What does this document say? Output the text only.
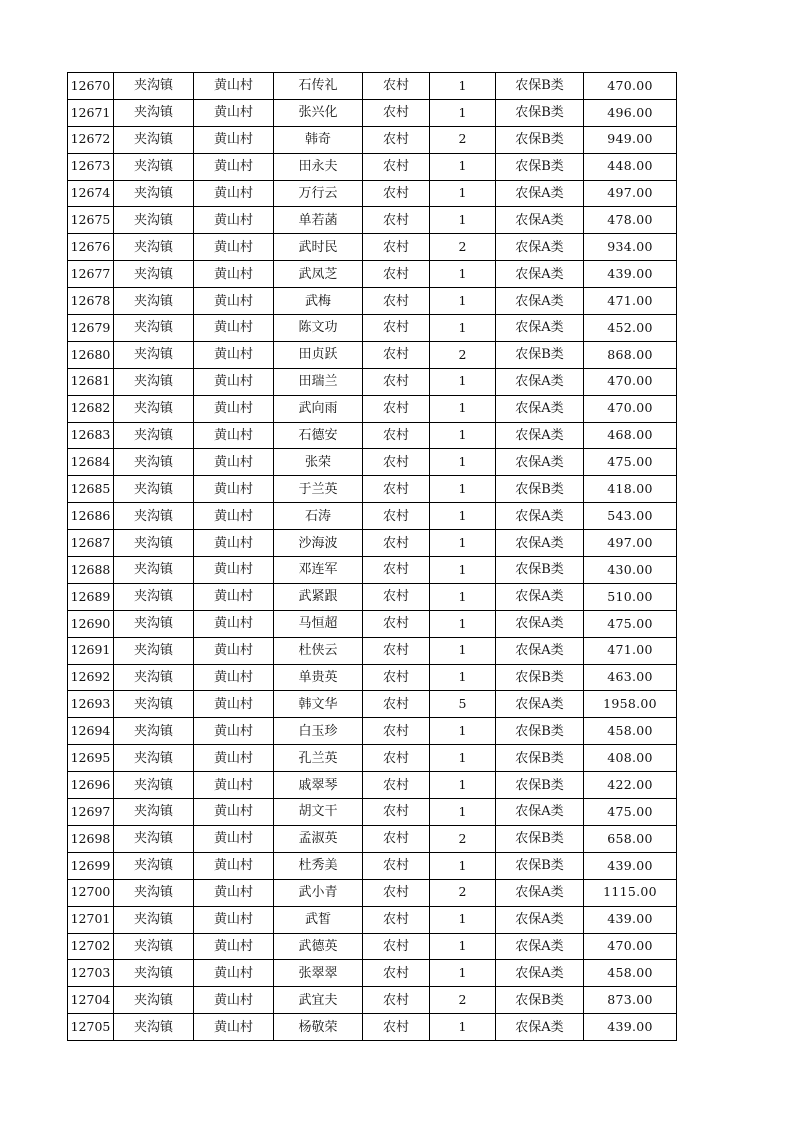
12670	夹沟镇	黄山村	石传礼	农村	1	农保B类	470.00
12671	夹沟镇	黄山村	张兴化	农村	1	农保B类	496.00
12672	夹沟镇	黄山村	韩奇	农村	2	农保B类	949.00
12673	夹沟镇	黄山村	田永夫	农村	1	农保B类	448.00
12674	夹沟镇	黄山村	万行云	农村	1	农保A类	497.00
12675	夹沟镇	黄山村	单若菡	农村	1	农保A类	478.00
12676	夹沟镇	黄山村	武时民	农村	2	农保A类	934.00
12677	夹沟镇	黄山村	武凤芝	农村	1	农保A类	439.00
12678	夹沟镇	黄山村	武梅	农村	1	农保A类	471.00
12679	夹沟镇	黄山村	陈文功	农村	1	农保A类	452.00
12680	夹沟镇	黄山村	田贞跃	农村	2	农保B类	868.00
12681	夹沟镇	黄山村	田瑞兰	农村	1	农保A类	470.00
12682	夹沟镇	黄山村	武向雨	农村	1	农保A类	470.00
12683	夹沟镇	黄山村	石德安	农村	1	农保A类	468.00
12684	夹沟镇	黄山村	张荣	农村	1	农保A类	475.00
12685	夹沟镇	黄山村	于兰英	农村	1	农保B类	418.00
12686	夹沟镇	黄山村	石涛	农村	1	农保A类	543.00
12687	夹沟镇	黄山村	沙海波	农村	1	农保A类	497.00
12688	夹沟镇	黄山村	邓连军	农村	1	农保B类	430.00
12689	夹沟镇	黄山村	武紧跟	农村	1	农保A类	510.00
12690	夹沟镇	黄山村	马恒超	农村	1	农保A类	475.00
12691	夹沟镇	黄山村	杜侠云	农村	1	农保A类	471.00
12692	夹沟镇	黄山村	单贵英	农村	1	农保B类	463.00
12693	夹沟镇	黄山村	韩文华	农村	5	农保A类	1958.00
12694	夹沟镇	黄山村	白玉珍	农村	1	农保B类	458.00
12695	夹沟镇	黄山村	孔兰英	农村	1	农保B类	408.00
12696	夹沟镇	黄山村	戚翠琴	农村	1	农保B类	422.00
12697	夹沟镇	黄山村	胡文干	农村	1	农保A类	475.00
12698	夹沟镇	黄山村	孟淑英	农村	2	农保B类	658.00
12699	夹沟镇	黄山村	杜秀美	农村	1	农保B类	439.00
12700	夹沟镇	黄山村	武小青	农村	2	农保A类	1115.00
12701	夹沟镇	黄山村	武皙	农村	1	农保A类	439.00
12702	夹沟镇	黄山村	武德英	农村	1	农保A类	470.00
12703	夹沟镇	黄山村	张翠翠	农村	1	农保A类	458.00
12704	夹沟镇	黄山村	武宜夫	农村	2	农保B类	873.00
12705	夹沟镇	黄山村	杨敬荣	农村	1	农保A类	439.00
